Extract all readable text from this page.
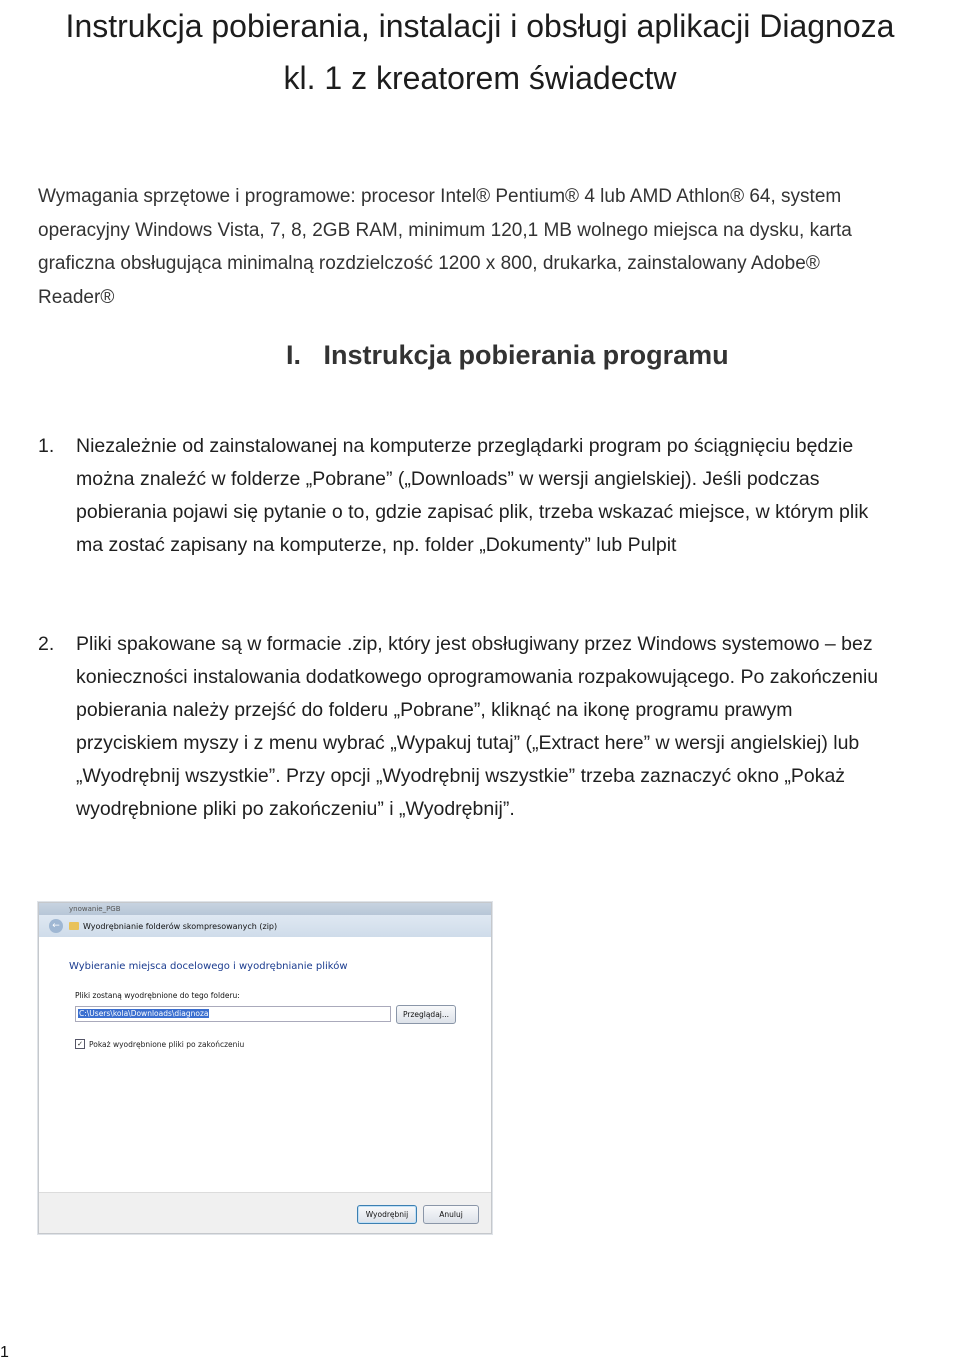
Instrukcja pobierania, instalacji i obsługi aplikacji Diagnoza
kl. 1 z kreatorem świadectw
Wymagania sprzętowe i programowe: procesor Intel® Pentium® 4 lub AMD Athlon® 64, system
operacyjny Windows Vista, 7, 8, 2GB RAM, minimum 120,1 MB wolnego miejsca na dysku, karta
graficzna obsługująca minimalną rozdzielczość 1200 x 800, drukarka, zainstalowany Adobe®
Reader®
I.   Instrukcja pobierania programu
1.	Niezależnie od zainstalowanej na komputerze przeglądarki program po ściągnięciu będzie
można znaleźć w folderze „Pobrane” („Downloads” w wersji angielskiej). Jeśli podczas
pobierania pojawi się pytanie o to, gdzie zapisać plik, trzeba wskazać miejsce, w którym plik
ma zostać zapisany na komputerze, np. folder „Dokumenty” lub Pulpit
2.	Pliki spakowane są w formacie .zip, który jest obsługiwany przez Windows systemowo – bez
konieczności instalowania dodatkowego oprogramowania rozpakowującego. Po zakończeniu
pobierania należy przejść do folderu „Pobrane”, kliknąć na ikonę programu prawym
przyciskiem myszy i z menu wybrać „Wypakuj tutaj” („Extract here” w wersji angielskiej) lub
„Wyodrębnij wszystkie”. Przy opcji „Wyodrębnij wszystkie” trzeba zaznaczyć okno „Pokaż
wyodrębnione pliki po zakończeniu” i „Wyodrębnij”.
ynowanie_PGB
←	Wyodrębnianie folderów skompresowanych (zip)
Wybieranie miejsca docelowego i wyodrębnianie plików
Pliki zostaną wyodrębnione do tego folderu:
C:\Users\kola\Downloads\diagnoza	Przeglądaj...
✓ Pokaż wyodrębnione pliki po zakończeniu
Wyodrębnij	Anuluj
1
